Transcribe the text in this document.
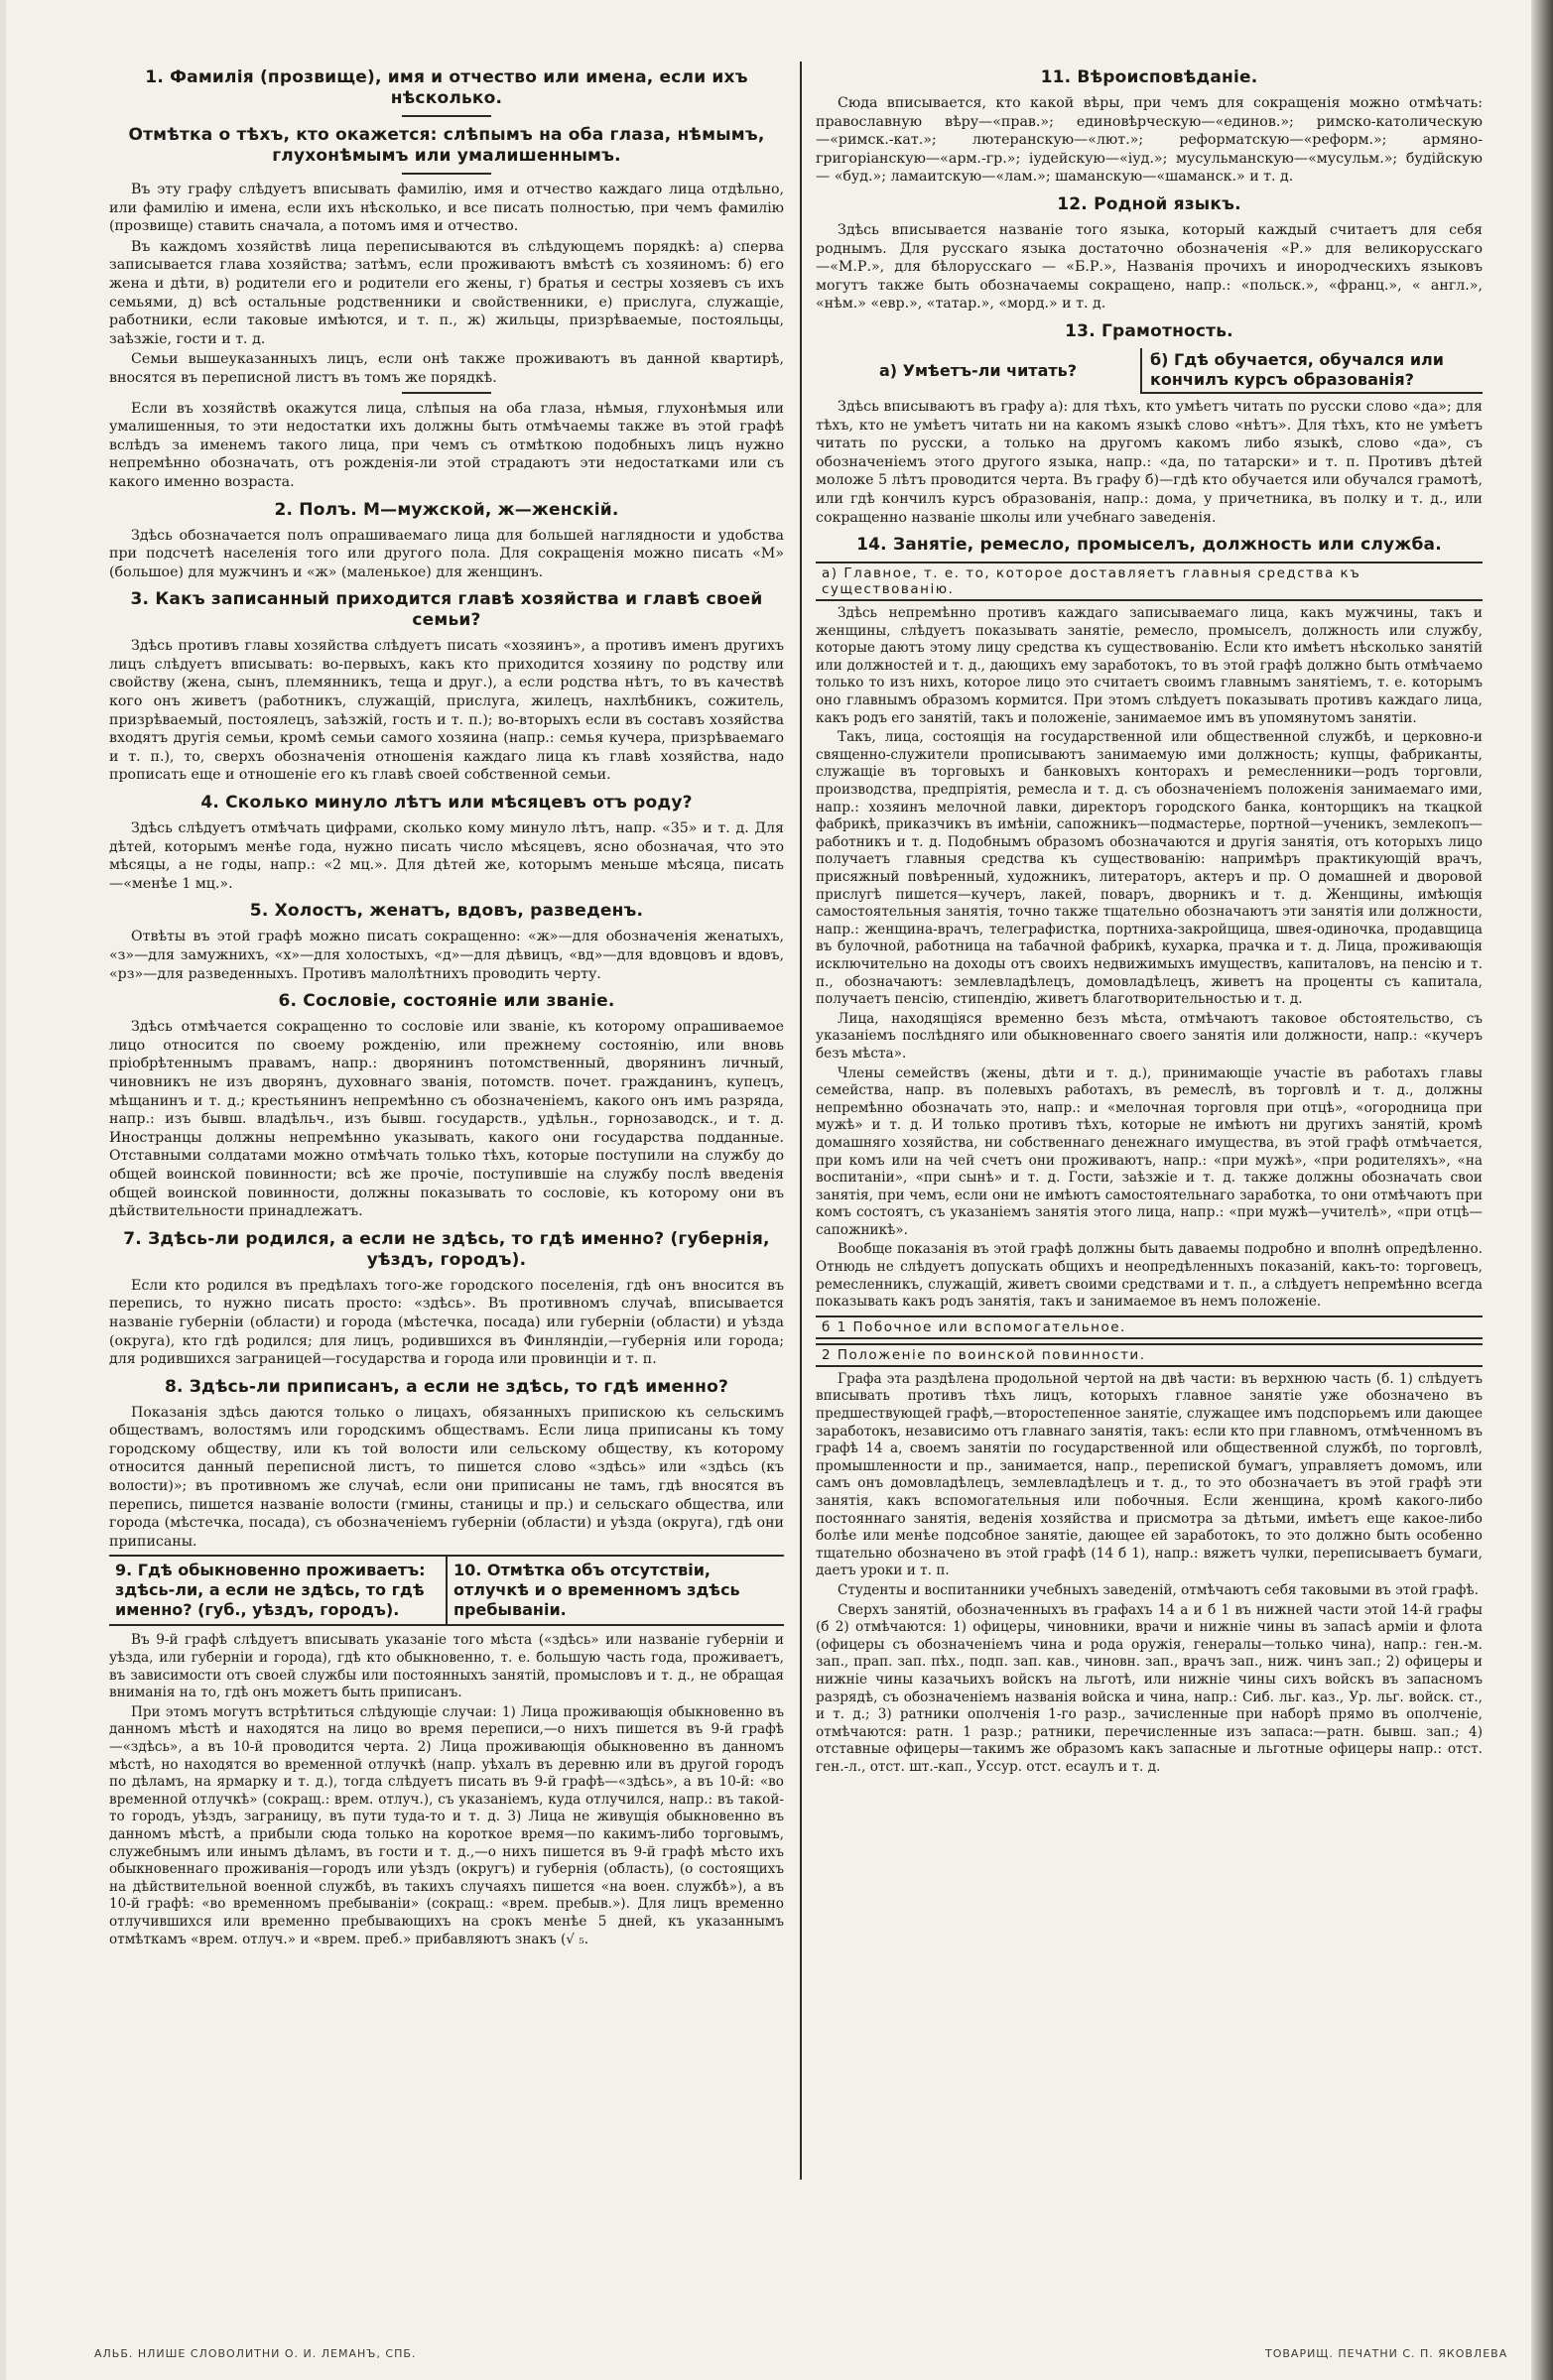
1. Фамилія (прозвище), имя и отчество или имена, если ихъ нѣсколько.
Отмѣтка о тѣхъ, кто окажется: слѣпымъ на оба глаза, нѣмымъ, глухонѣмымъ или умалишеннымъ.

Въ эту графу слѣдуетъ вписывать фамилію, имя и отчество каждаго лица отдѣльно, или фамилію и имена, если ихъ нѣсколько, и все писать полностью, при чемъ фамилію (прозвище) ставить сначала, а потомъ имя и отчество.

Въ каждомъ хозяйствѣ лица переписываются въ слѣдующемъ порядкѣ: а) сперва записывается глава хозяйства; затѣмъ, если проживаютъ вмѣстѣ съ хозяиномъ: б) его жена и дѣти, в) родители его и родители его жены, г) братья и сестры хозяевъ съ ихъ семьями, д) всѣ остальные родственники и свойственники, е) прислуга, служащіе, работники, если таковые имѣются, и т. п., ж) жильцы, призрѣваемые, постояльцы, заѣзжіе, гости и т. д.

Семьи вышеуказанныхъ лицъ, если онѣ также проживаютъ въ данной квартирѣ, вносятся въ переписной листъ въ томъ же порядкѣ.

Если въ хозяйствѣ окажутся лица, слѣпыя на оба глаза, нѣмыя, глухонѣмыя или умалишенныя, то эти недостатки ихъ должны быть отмѣчаемы также въ этой графѣ вслѣдъ за именемъ такого лица, при чемъ съ отмѣткою подобныхъ лицъ нужно непремѣнно обозначать, отъ рожденія-ли этой страдаютъ эти недостатками или съ какого именно возраста.

2. Полъ. М—мужской, ж—женскій.

Здѣсь обозначается полъ опрашиваемаго лица для большей наглядности и удобства при подсчетѣ населенія того или другого пола. Для сокращенія можно писать «М» (большое) для мужчинъ и «ж» (маленькое) для женщинъ.

3. Какъ записанный приходится главѣ хозяйства и главѣ своей семьи?

Здѣсь противъ главы хозяйства слѣдуетъ писать «хозяинъ», а противъ именъ другихъ лицъ слѣдуетъ вписывать: во-первыхъ, какъ кто приходится хозяину по родству или свойству (жена, сынъ, племянникъ, теща и друг.), а если родства нѣтъ, то въ качествѣ кого онъ живетъ (работникъ, служащій, прислуга, жилецъ, нахлѣбникъ, сожитель, призрѣваемый, постоялецъ, заѣзжій, гость и т. п.); во-вторыхъ если въ составъ хозяйства входятъ другія семьи, кромѣ семьи самого хозяина (напр.: семья кучера, призрѣваемаго и т. п.), то, сверхъ обозначенія отношенія каждаго лица къ главѣ хозяйства, надо прописать еще и отношеніе его къ главѣ своей собственной семьи.

4. Сколько минуло лѣтъ или мѣсяцевъ отъ роду?

Здѣсь слѣдуетъ отмѣчать цифрами, сколько кому минуло лѣтъ, напр. «35» и т. д. Для дѣтей, которымъ менѣе года, нужно писать число мѣсяцевъ, ясно обозначая, что это мѣсяцы, а не годы, напр.: «2 мц.». Для дѣтей же, которымъ меньше мѣсяца, писать—«менѣе 1 мц.».

5. Холостъ, женатъ, вдовъ, разведенъ.

Отвѣты въ этой графѣ можно писать сокращенно: «ж»—для обозначенія женатыхъ, «з»—для замужнихъ, «х»—для холостыхъ, «д»—для дѣвицъ, «вд»—для вдовцовъ и вдовъ, «рз»—для разведенныхъ. Противъ малолѣтнихъ проводить черту.

6. Сословіе, состояніе или званіе.

Здѣсь отмѣчается сокращенно то сословіе или званіе, къ которому опрашиваемое лицо относится по своему рожденію, или прежнему состоянію, или вновь пріобрѣтеннымъ правамъ, напр.: дворянинъ потомственный, дворянинъ личный, чиновникъ не изъ дворянъ, духовнаго званія, потомств. почет. гражданинъ, купецъ, мѣщанинъ и т. д.; крестьянинъ непремѣнно съ обозначеніемъ, какого онъ имъ разряда, напр.: изъ бывш. владѣльч., изъ бывш. государств., удѣльн., горнозаводск., и т. д. Иностранцы должны непремѣнно указывать, какого они государства подданные. Отставными солдатами можно отмѣчать только тѣхъ, которые поступили на службу до общей воинской повинности; всѣ же прочіе, поступившіе на службу послѣ введенія общей воинской повинности, должны показывать то сословіе, къ которому они въ дѣйствительности принадлежатъ.

7. Здѣсь-ли родился, а если не здѣсь, то гдѣ именно? (губернія, уѣздъ, городъ).

Если кто родился въ предѣлахъ того-же городского поселенія, гдѣ онъ вносится въ перепись, то нужно писать просто: «здѣсь». Въ противномъ случаѣ, вписывается названіе губерніи (области) и города (мѣстечка, посада) или губерніи (области) и уѣзда (округа), кто гдѣ родился; для лицъ, родившихся въ Финляндіи,—губернія или города; для родившихся заграницей—государства и города или провинціи и т. п.

8. Здѣсь-ли приписанъ, а если не здѣсь, то гдѣ именно?

Показанія здѣсь даются только о лицахъ, обязанныхъ припискою къ сельскимъ обществамъ, волостямъ или городскимъ обществамъ. Если лица приписаны къ тому городскому обществу, или къ той волости или сельскому обществу, къ которому относится данный переписной листъ, то пишется слово «здѣсь» или «здѣсь (къ волости)»; въ противномъ же случаѣ, если они приписаны не тамъ, гдѣ вносятся въ перепись, пишется названіе волости (гмины, станицы и пр.) и сельскаго общества, или города (мѣстечка, посада), съ обозначеніемъ губерніи (области) и уѣзда (округа), гдѣ они приписаны.

9. Гдѣ обыкновенно проживаетъ: здѣсь-ли, а если не здѣсь, то гдѣ именно? (губ., уѣздъ, городъ).
10. Отмѣтка объ отсутствіи, отлучкѣ и о временномъ здѣсь пребываніи.

Въ 9-й графѣ слѣдуетъ вписывать указаніе того мѣста («здѣсь» или названіе губерніи и уѣзда, или губерніи и города), гдѣ кто обыкновенно, т. е. большую часть года, проживаетъ, въ зависимости отъ своей службы или постоянныхъ занятій, промысловъ и т. д., не обращая вниманія на то, гдѣ онъ можетъ быть приписанъ.

При этомъ могутъ встрѣтиться слѣдующіе случаи: 1) Лица проживающія обыкновенно въ данномъ мѣстѣ и находятся на лицо во время переписи,—о нихъ пишется въ 9-й графѣ—«здѣсь», а въ 10-й проводится черта. 2) Лица проживающія обыкновенно въ данномъ мѣстѣ, но находятся во временной отлучкѣ (напр. уѣхалъ въ деревню или въ другой городъ по дѣламъ, на ярмарку и т. д.), тогда слѣдуетъ писать въ 9-й графѣ—«здѣсь», а въ 10-й: «во временной отлучкѣ» (сокращ.: врем. отлуч.), съ указаніемъ, куда отлучился, напр.: въ такой-то городъ, уѣздъ, заграницу, въ пути туда-то и т. д. 3) Лица не живущія обыкновенно въ данномъ мѣстѣ, а прибыли сюда только на короткое время—по какимъ-либо торговымъ, служебнымъ или инымъ дѣламъ, въ гости и т. д.,—о нихъ пишется въ 9-й графѣ мѣсто ихъ обыкновеннаго проживанія—городъ или уѣздъ (округъ) и губернія (область), (о состоящихъ на дѣйствительной военной службѣ, въ такихъ случаяхъ пишется «на воен. службѣ»), а въ 10-й графѣ: «во временномъ пребываніи» (сокращ.: «врем. пребыв.»). Для лицъ временно отлучившихся или временно пребывающихъ на срокъ менѣе 5 дней, къ указаннымъ отмѣткамъ «врем. отлуч.» и «врем. преб.» прибавляютъ знакъ (√ ₅.

11. Вѣроисповѣданіе.

Сюда вписывается, кто какой вѣры, при чемъ для сокращенія можно отмѣчать: православную вѣру—«прав.»; единовѣрческую—«единов.»; римско-католическую—«римск.-кат.»; лютеранскую—«лют.»; реформатскую—«реформ.»; армяно-григоріанскую—«арм.-гр.»; іудейскую—«іуд.»; мусульманскую—«мусульм.»; будійскую — «буд.»; ламаитскую—«лам.»; шаманскую—«шаманск.» и т. д.

12. Родной языкъ.

Здѣсь вписывается названіе того языка, который каждый считаетъ для себя роднымъ. Для русскаго языка достаточно обозначенія «Р.» для великорусскаго—«М.Р.», для бѣлорусскаго — «Б.Р.», Названія прочихъ и инородческихъ языковъ могутъ также быть обозначаемы сокращено, напр.: «польск.», «франц.», « англ.», «нѣм.» «евр.», «татар.», «морд.» и т. д.

13. Грамотность.
а) Умѣетъ-ли читать?
б) Гдѣ обучается, обучался или кончилъ курсъ образованія?

Здѣсь вписываютъ въ графу а): для тѣхъ, кто умѣетъ читать по русски слово «да»; для тѣхъ, кто не умѣетъ читать ни на какомъ языкѣ слово «нѣтъ». Для тѣхъ, кто не умѣетъ читать по русски, а только на другомъ какомъ либо языкѣ, слово «да», съ обозначеніемъ этого другого языка, напр.: «да, по татарски» и т. п. Противъ дѣтей моложе 5 лѣтъ проводится черта. Въ графу б)—гдѣ кто обучается или обучался грамотѣ, или гдѣ кончилъ курсъ образованія, напр.: дома, у причетника, въ полку и т. д., или сокращенно названіе школы или учебнаго заведенія.

14. Занятіе, ремесло, промыселъ, должность или служба.
а) Главное, т. е. то, которое доставляетъ главныя средства къ существованію.

Здѣсь непремѣнно противъ каждаго записываемаго лица, какъ мужчины, такъ и женщины, слѣдуетъ показывать занятіе, ремесло, промыселъ, должность или службу, которые даютъ этому лицу средства къ существованію. Если кто имѣетъ нѣсколько занятій или должностей и т. д., дающихъ ему заработокъ, то въ этой графѣ должно быть отмѣчаемо только то изъ нихъ, которое лицо это считаетъ своимъ главнымъ занятіемъ, т. е. которымъ оно главнымъ образомъ кормится. При этомъ слѣдуетъ показывать противъ каждаго лица, какъ родъ его занятій, такъ и положеніе, занимаемое имъ въ упомянутомъ занятіи.

Такъ, лица, состоящія на государственной или общественной службѣ, и церковно-и священно-служители прописываютъ занимаемую ими должность; купцы, фабриканты, служащіе въ торговыхъ и банковыхъ конторахъ и ремесленники—родъ торговли, производства, предпріятія, ремесла и т. д. съ обозначеніемъ положенія занимаемаго ими, напр.: хозяинъ мелочной лавки, директоръ городского банка, конторщикъ на ткацкой фабрикѣ, приказчикъ въ имѣніи, сапожникъ—подмастерье, портной—ученикъ, землекопъ—работникъ и т. д. Подобнымъ образомъ обозначаются и другія занятія, отъ которыхъ лицо получаетъ главныя средства къ существованію: напримѣръ практикующій врачъ, присяжный повѣренный, художникъ, литераторъ, актеръ и пр. О домашней и дворовой прислугѣ пишется—кучеръ, лакей, поваръ, дворникъ и т. д. Женщины, имѣющія самостоятельныя занятія, точно также тщательно обозначаютъ эти занятія или должности, напр.: женщина-врачъ, телеграфистка, портниха-закройщица, швея-одиночка, продавщица въ булочной, работница на табачной фабрикѣ, кухарка, прачка и т. д. Лица, проживающія исключительно на доходы отъ своихъ недвижимыхъ имуществъ, капиталовъ, на пенсію и т. п., обозначаютъ: землевладѣлецъ, домовладѣлецъ, живетъ на проценты съ капитала, получаетъ пенсію, стипендію, живетъ благотворительностью и т. д.

Лица, находящіяся временно безъ мѣста, отмѣчаютъ таковое обстоятельство, съ указаніемъ послѣдняго или обыкновеннаго своего занятія или должности, напр.: «кучеръ безъ мѣста».

Члены семействъ (жены, дѣти и т. д.), принимающіе участіе въ работахъ главы семейства, напр. въ полевыхъ работахъ, въ ремеслѣ, въ торговлѣ и т. д., должны непремѣнно обозначать это, напр.: и «мелочная торговля при отцѣ», «огородница при мужѣ» и т. д. И только противъ тѣхъ, которые не имѣютъ ни другихъ занятій, кромѣ домашняго хозяйства, ни собственнаго денежнаго имущества, въ этой графѣ отмѣчается, при комъ или на чей счетъ они проживаютъ, напр.: «при мужѣ», «при родителяхъ», «на воспитаніи», «при сынѣ» и т. д. Гости, заѣзжіе и т. д. также должны обозначать свои занятія, при чемъ, если они не имѣютъ самостоятельнаго заработка, то они отмѣчаютъ при комъ состоятъ, съ указаніемъ занятія этого лица, напр.: «при мужѣ—учителѣ», «при отцѣ—сапожникѣ».

Вообще показанія въ этой графѣ должны быть даваемы подробно и вполнѣ опредѣленно. Отнюдь не слѣдуетъ допускать общихъ и неопредѣленныхъ показаній, какъ-то: торговецъ, ремесленникъ, служащій, живетъ своими средствами и т. п., а слѣдуетъ непремѣнно всегда показывать какъ родъ занятія, такъ и занимаемое въ немъ положеніе.

б 1 Побочное или вспомогательное.
2 Положеніе по воинской повинности.

Графа эта раздѣлена продольной чертой на двѣ части: въ верхнюю часть (б. 1) слѣдуетъ вписывать противъ тѣхъ лицъ, которыхъ главное занятіе уже обозначено въ предшествующей графѣ,—второстепенное занятіе, служащее имъ подспорьемъ или дающее заработокъ, независимо отъ главнаго занятія, такъ: если кто при главномъ, отмѣченномъ въ графѣ 14 а, своемъ занятіи по государственной или общественной службѣ, по торговлѣ, промышленности и пр., занимается, напр., перепиской бумагъ, управляетъ домомъ, или самъ онъ домовладѣлецъ, землевладѣлецъ и т. д., то это обозначаетъ въ этой графѣ эти занятія, какъ вспомогательныя или побочныя. Если женщина, кромѣ какого-либо постояннаго занятія, веденія хозяйства и присмотра за дѣтьми, имѣетъ еще какое-либо болѣе или менѣе подсобное занятіе, дающее ей заработокъ, то это должно быть особенно тщательно обозначено въ этой графѣ (14 б 1), напр.: вяжетъ чулки, переписываетъ бумаги, даетъ уроки и т. п.

Студенты и воспитанники учебныхъ заведеній, отмѣчаютъ себя таковыми въ этой графѣ.

Сверхъ занятій, обозначенныхъ въ графахъ 14 а и б 1 въ нижней части этой 14-й графы (б 2) отмѣчаются: 1) офицеры, чиновники, врачи и нижніе чины въ запасѣ арміи и флота (офицеры съ обозначеніемъ чина и рода оружія, генералы—только чина), напр.: ген.-м. зап., прап. зап. пѣх., подп. зап. кав., чиновн. зап., врачъ зап., ниж. чинъ зап.; 2) офицеры и нижніе чины казачьихъ войскъ на льготѣ, или нижніе чины сихъ войскъ въ запасномъ разрядѣ, съ обозначеніемъ названія войска и чина, напр.: Сиб. льг. каз., Ур. льг. войск. ст., и т. д.; 3) ратники ополченія 1-го разр., зачисленные при наборѣ прямо въ ополченіе, отмѣчаются: ратн. 1 разр.; ратники, перечисленные изъ запаса:—ратн. бывш. зап.; 4) отставные офицеры—такимъ же образомъ какъ запасные и льготные офицеры напр.: отст. ген.-л., отст. шт.-кап., Уссур. отст. есаулъ и т. д.

АЛЬБ. НЛИШЕ СЛОВОЛИТНИ О. И. ЛЕМАНЪ, СПБ.	ТОВАРИЩ. ПЕЧАТНИ С. П. ЯКОВЛЕВА
